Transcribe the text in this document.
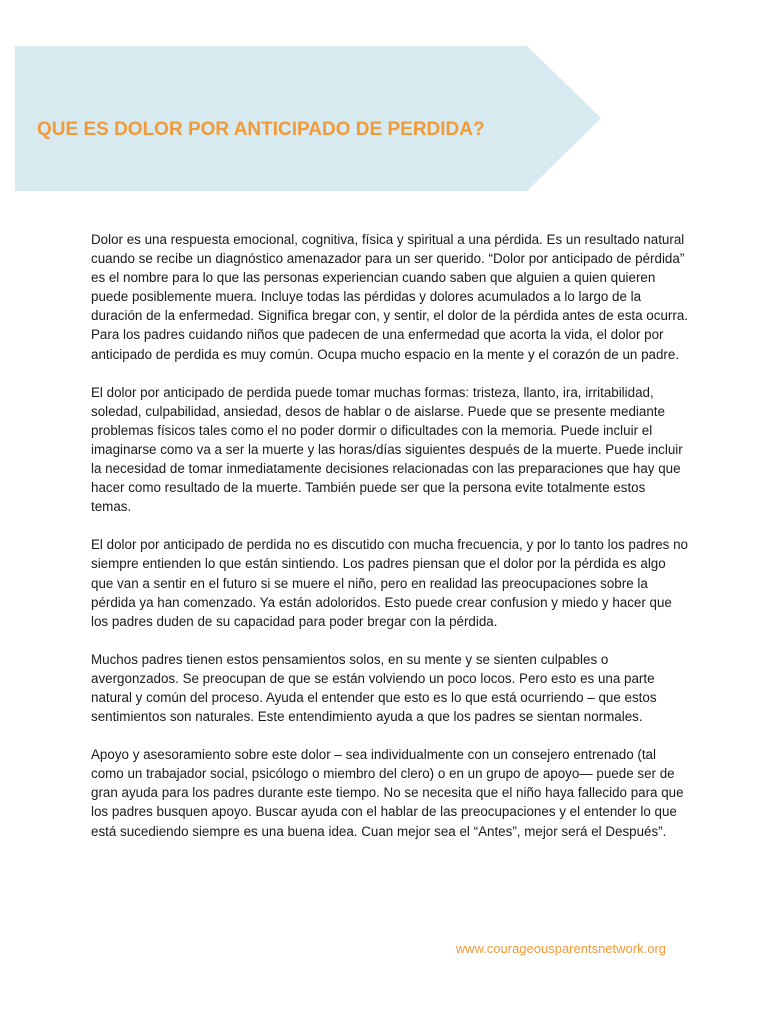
QUE ES DOLOR POR ANTICIPADO DE PERDIDA?

Dolor es una respuesta emocional, cognitiva, física y spiritual a una pérdida. Es un resultado natural cuando se recibe un diagnóstico amenazador para un ser querido. “Dolor por anticipado de pérdida” es el nombre para lo que las personas experiencian cuando saben que alguien a quien quieren puede posiblemente muera. Incluye todas las pérdidas y dolores acumulados a lo largo de la duración de la enfermedad. Significa bregar con, y sentir, el dolor de la pérdida antes de esta ocurra. Para los padres cuidando niños que padecen de una enfermedad que acorta la vida, el dolor por anticipado de perdida es muy común. Ocupa mucho espacio en la mente y el corazón de un padre.

El dolor por anticipado de perdida puede tomar muchas formas: tristeza, llanto, ira, irritabilidad, soledad, culpabilidad, ansiedad, desos de hablar o de aislarse. Puede que se presente mediante problemas físicos tales como el no poder dormir o dificultades con la memoria. Puede incluir el imaginarse como va a ser la muerte y las horas/días siguientes después de la muerte. Puede incluir la necesidad de tomar inmediatamente decisiones relacionadas con las preparaciones que hay que hacer como resultado de la muerte. También puede ser que la persona evite totalmente estos temas.

El dolor por anticipado de perdida no es discutido con mucha frecuencia, y por lo tanto los padres no siempre entienden lo que están sintiendo. Los padres piensan que el dolor por la pérdida es algo que van a sentir en el futuro si se muere el niño, pero en realidad las preocupaciones sobre la pérdida ya han comenzado. Ya están adoloridos. Esto puede crear confusion y miedo y hacer que los padres duden de su capacidad para poder bregar con la pérdida.

Muchos padres tienen estos pensamientos solos, en su mente y se sienten culpables o avergonzados. Se preocupan de que se están volviendo un poco locos. Pero esto es una parte natural y común del proceso. Ayuda el entender que esto es lo que está ocurriendo – que estos sentimientos son naturales. Este entendimiento ayuda a que los padres se sientan normales.

Apoyo y asesoramiento sobre este dolor – sea individualmente con un consejero entrenado (tal como un trabajador social, psicólogo o miembro del clero) o en un grupo de apoyo— puede ser de gran ayuda para los padres durante este tiempo. No se necesita que el niño haya fallecido para que los padres busquen apoyo. Buscar ayuda con el hablar de las preocupaciones y el entender lo que está sucediendo siempre es una buena idea. Cuan mejor sea el “Antes”, mejor será el Después”.

www.courageousparentsnetwork.org
